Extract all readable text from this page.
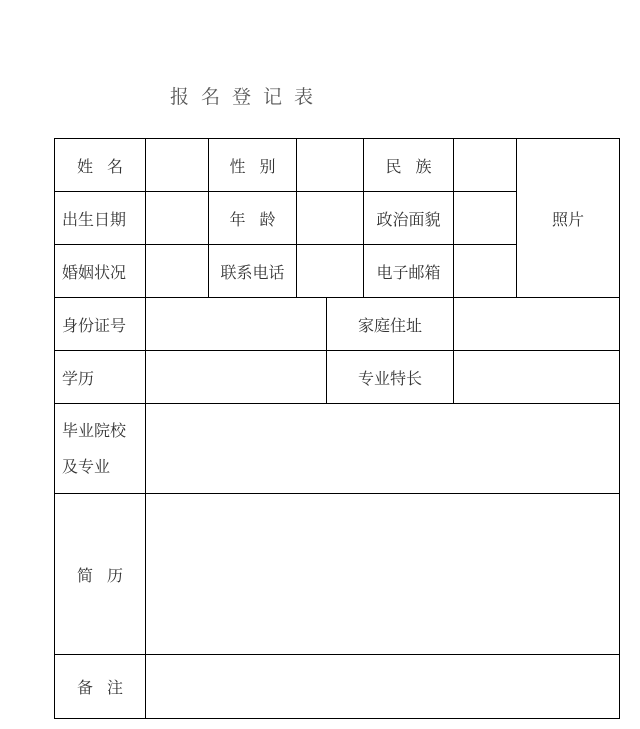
报名登记表
姓名	性别	民族
照片
出生日期	年龄	政治面貌
婚姻状况	联系电话	电子邮箱
身份证号	家庭住址
学历	专业特长
毕业院校
及专业
简历
备注
